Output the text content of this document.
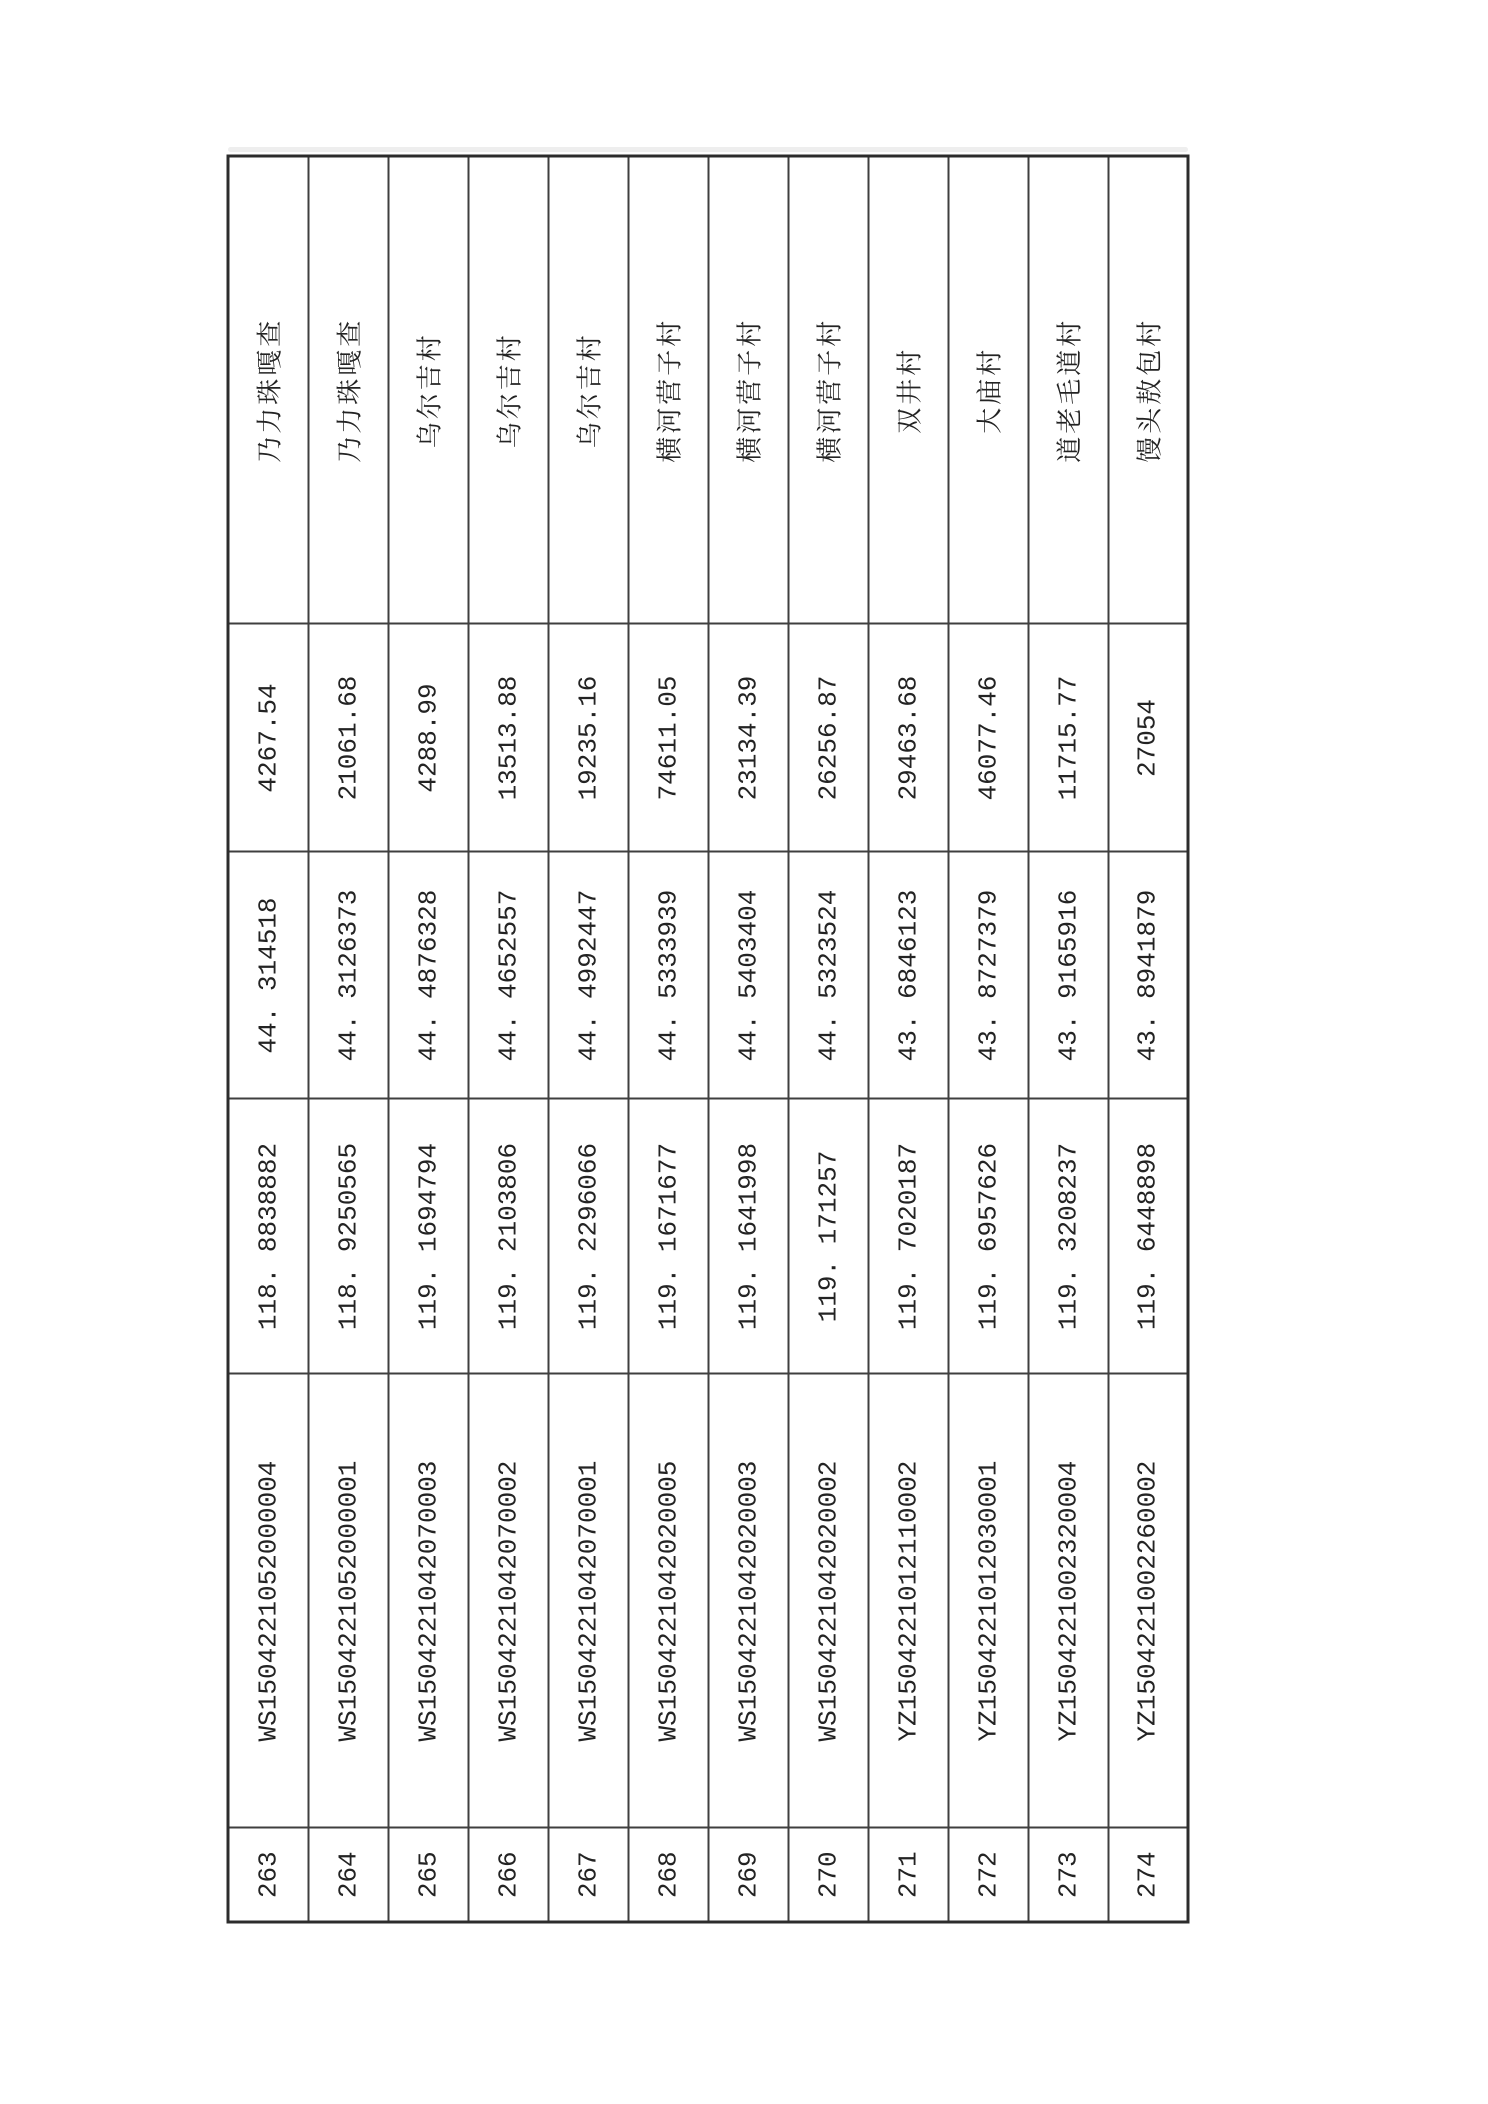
263	WS1504221052000004	118. 8838882	44. 314518	4267.54	乃力珠嘎查
264	WS1504221052000001	118. 9250565	44. 3126373	21061.68	乃力珠嘎查
265	WS1504221042070003	119. 1694794	44. 4876328	4288.99	乌尔吉村
266	WS1504221042070002	119. 2103806	44. 4652557	13513.88	乌尔吉村
267	WS1504221042070001	119. 2296066	44. 4992447	19235.16	乌尔吉村
268	WS1504221042020005	119. 1671677	44. 5333939	74611.05	横河营子村
269	WS1504221042020003	119. 1641998	44. 5403404	23134.39	横河营子村
270	WS1504221042020002	119. 171257	44. 5323524	26256.87	横河营子村
271	YZ1504221012110002	119. 7020187	43. 6846123	29463.68	双井村
272	YZ1504221012030001	119. 6957626	43. 8727379	46077.46	大庙村
273	YZ1504221002320004	119. 3208237	43. 9165916	11715.77	道老毛道村
274	YZ1504221002260002	119. 6448898	43. 8941879	27054	馒头敖包村
